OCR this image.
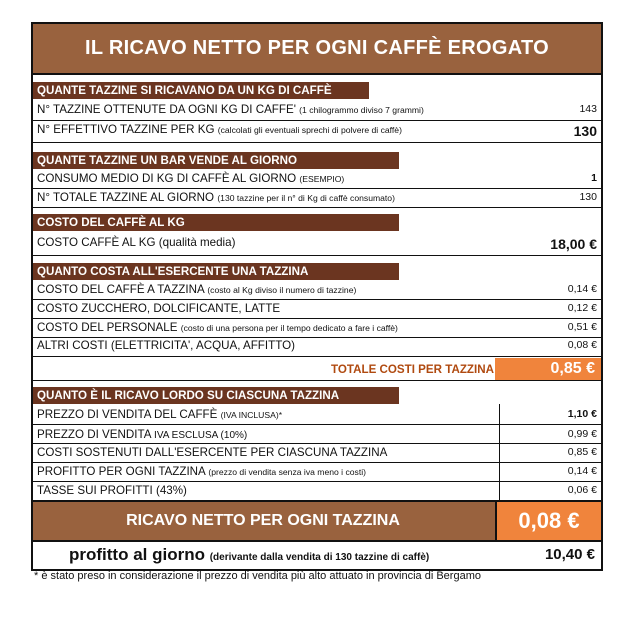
IL RICAVO NETTO PER OGNI CAFFÈ EROGATO
QUANTE TAZZINE SI RICAVANO DA UN KG DI CAFFÈ
N° TAZZINE OTTENUTE DA OGNI KG DI CAFFE' (1 chilogrammo diviso 7 grammi)	143
N° EFFETTIVO TAZZINE PER KG (calcolati gli eventuali sprechi di polvere di caffè)	130
QUANTE TAZZINE UN BAR VENDE AL GIORNO
CONSUMO MEDIO DI KG DI CAFFÈ AL GIORNO (ESEMPIO)	1
N° TOTALE TAZZINE AL GIORNO (130 tazzine per il n° di Kg di caffè consumato)	130
COSTO DEL CAFFÈ AL KG
COSTO CAFFÈ AL KG (qualità media)	18,00 €
QUANTO COSTA ALL'ESERCENTE UNA TAZZINA
COSTO DEL CAFFÈ A TAZZINA (costo al Kg diviso il numero di tazzine)	0,14 €
COSTO ZUCCHERO, DOLCIFICANTE, LATTE	0,12 €
COSTO DEL PERSONALE (costo di una persona per il tempo dedicato a fare i caffè)	0,51 €
ALTRI COSTI (ELETTRICITA', ACQUA, AFFITTO)	0,08 €
TOTALE COSTI PER TAZZINA	0,85 €
QUANTO È IL RICAVO LORDO SU CIASCUNA TAZZINA
PREZZO DI VENDITA DEL CAFFÈ (IVA INCLUSA)*	1,10 €
PREZZO DI VENDITA IVA ESCLUSA (10%)	0,99 €
COSTI SOSTENUTI DALL'ESERCENTE PER CIASCUNA TAZZINA	0,85 €
PROFITTO PER OGNI TAZZINA (prezzo di vendita senza iva meno i costi)	0,14 €
TASSE SUI PROFITTI (43%)	0,06 €
RICAVO NETTO PER OGNI TAZZINA	0,08 €
profitto al giorno (derivante dalla vendita di 130 tazzine di caffè)	10,40 €
* è stato preso in considerazione il prezzo di vendita più alto attuato in provincia di Bergamo
